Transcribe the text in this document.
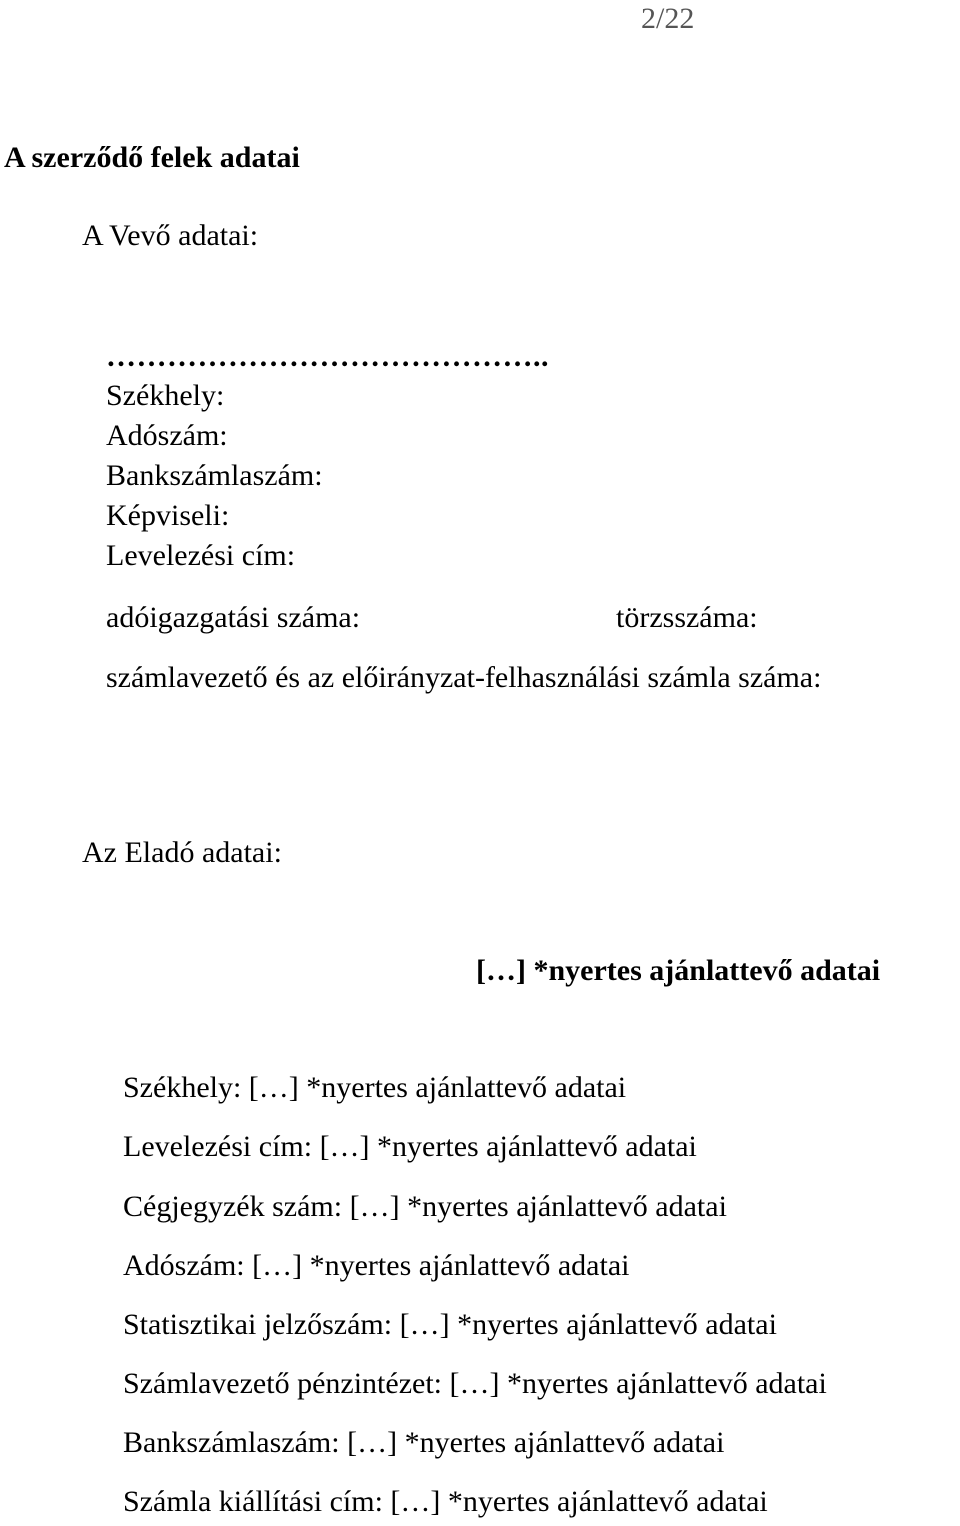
2/22
A szerződő felek adatai
A Vevő adatai:
……………………………………..
Székhely:
Adószám:
Bankszámlaszám:
Képviseli:
Levelezési cím:
adóigazgatási száma:	törzsszáma:
számlavezető és az előirányzat-felhasználási számla száma:
Az Eladó adatai:
[…] *nyertes ajánlattevő adatai
Székhely: […] *nyertes ajánlattevő adatai
Levelezési cím: […] *nyertes ajánlattevő adatai
Cégjegyzék szám: […] *nyertes ajánlattevő adatai
Adószám: […] *nyertes ajánlattevő adatai
Statisztikai jelzőszám: […] *nyertes ajánlattevő adatai
Számlavezető pénzintézet: […] *nyertes ajánlattevő adatai
Bankszámlaszám: […] *nyertes ajánlattevő adatai
Számla kiállítási cím: […] *nyertes ajánlattevő adatai
